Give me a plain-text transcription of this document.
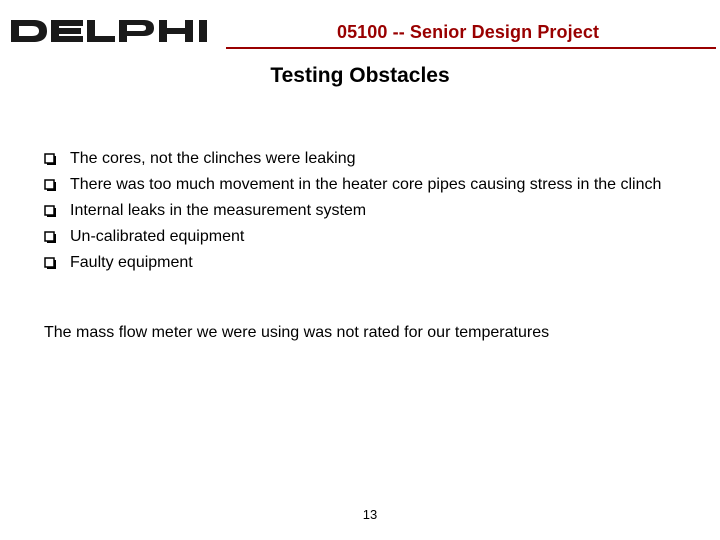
05100 -- Senior Design Project
Testing Obstacles
The cores, not the clinches were leaking
There was too much movement in the heater core pipes causing stress in the clinch
Internal leaks in the measurement system
Un-calibrated equipment
Faulty equipment
The mass flow meter we were using was not rated for our temperatures
13
